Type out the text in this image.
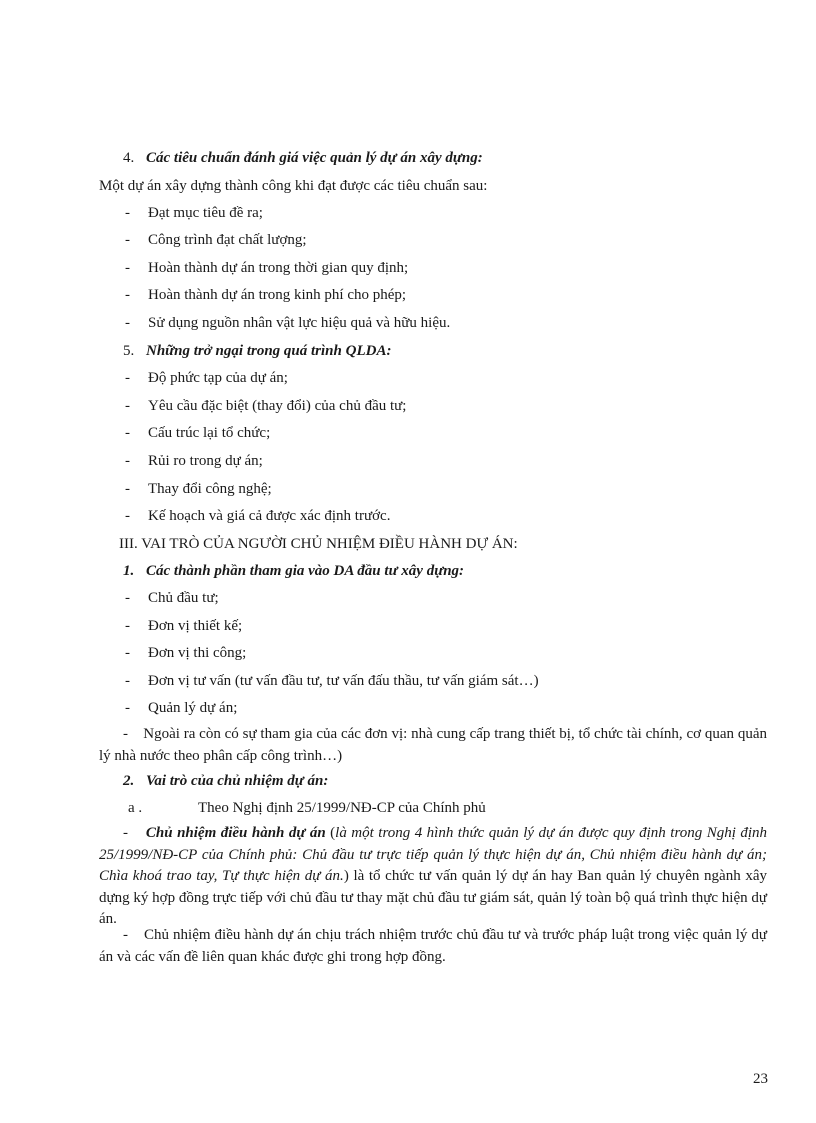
4. Các tiêu chuẩn đánh giá việc quản lý dự án xây dựng:
Một dự án xây dựng thành công khi đạt được các tiêu chuẩn sau:
- Đạt mục tiêu đề ra;
- Công trình đạt chất lượng;
- Hoàn thành dự án trong thời gian quy định;
- Hoàn thành dự án trong kinh phí cho phép;
- Sử dụng nguồn nhân vật lực hiệu quả và hữu hiệu.
5. Những trở ngại trong quá trình QLDA:
- Độ phức tạp của dự án;
- Yêu cầu đặc biệt (thay đổi) của chủ đầu tư;
- Cấu trúc lại tổ chức;
- Rủi ro trong dự án;
- Thay đổi công nghệ;
- Kế hoạch và giá cả được xác định trước.
III. VAI TRÒ CỦA NGƯỜI CHỦ NHIỆM ĐIỀU HÀNH DỰ ÁN:
1. Các thành phần tham gia vào DA đầu tư xây dựng:
- Chủ đầu tư;
- Đơn vị thiết kế;
- Đơn vị thi công;
- Đơn vị tư vấn (tư vấn đầu tư, tư vấn đấu thầu, tư vấn giám sát…)
- Quản lý dự án;
- Ngoài ra còn có sự tham gia của các đơn vị: nhà cung cấp trang thiết bị, tổ chức tài chính, cơ quan quản lý nhà nước theo phân cấp công trình…)
2. Vai trò của chủ nhiệm dự án:
a .	Theo Nghị định 25/1999/NĐ-CP của Chính phủ
- Chủ nhiệm điều hành dự án (là một trong 4 hình thức quản lý dự án được quy định trong Nghị định 25/1999/NĐ-CP của Chính phủ: Chủ đầu tư trực tiếp quản lý thực hiện dự án, Chủ nhiệm điều hành dự án; Chìa khoá trao tay, Tự thực hiện dự án.) là tổ chức tư vấn quản lý dự án hay Ban quản lý chuyên ngành xây dựng ký hợp đồng trực tiếp với chủ đầu tư thay mặt chủ đầu tư giám sát, quản lý toàn bộ quá trình thực hiện dự án.
- Chủ nhiệm điều hành dự án chịu trách nhiệm trước chủ đầu tư và trước pháp luật trong việc quản lý dự án và các vấn đề liên quan khác được ghi trong hợp đồng.
23
